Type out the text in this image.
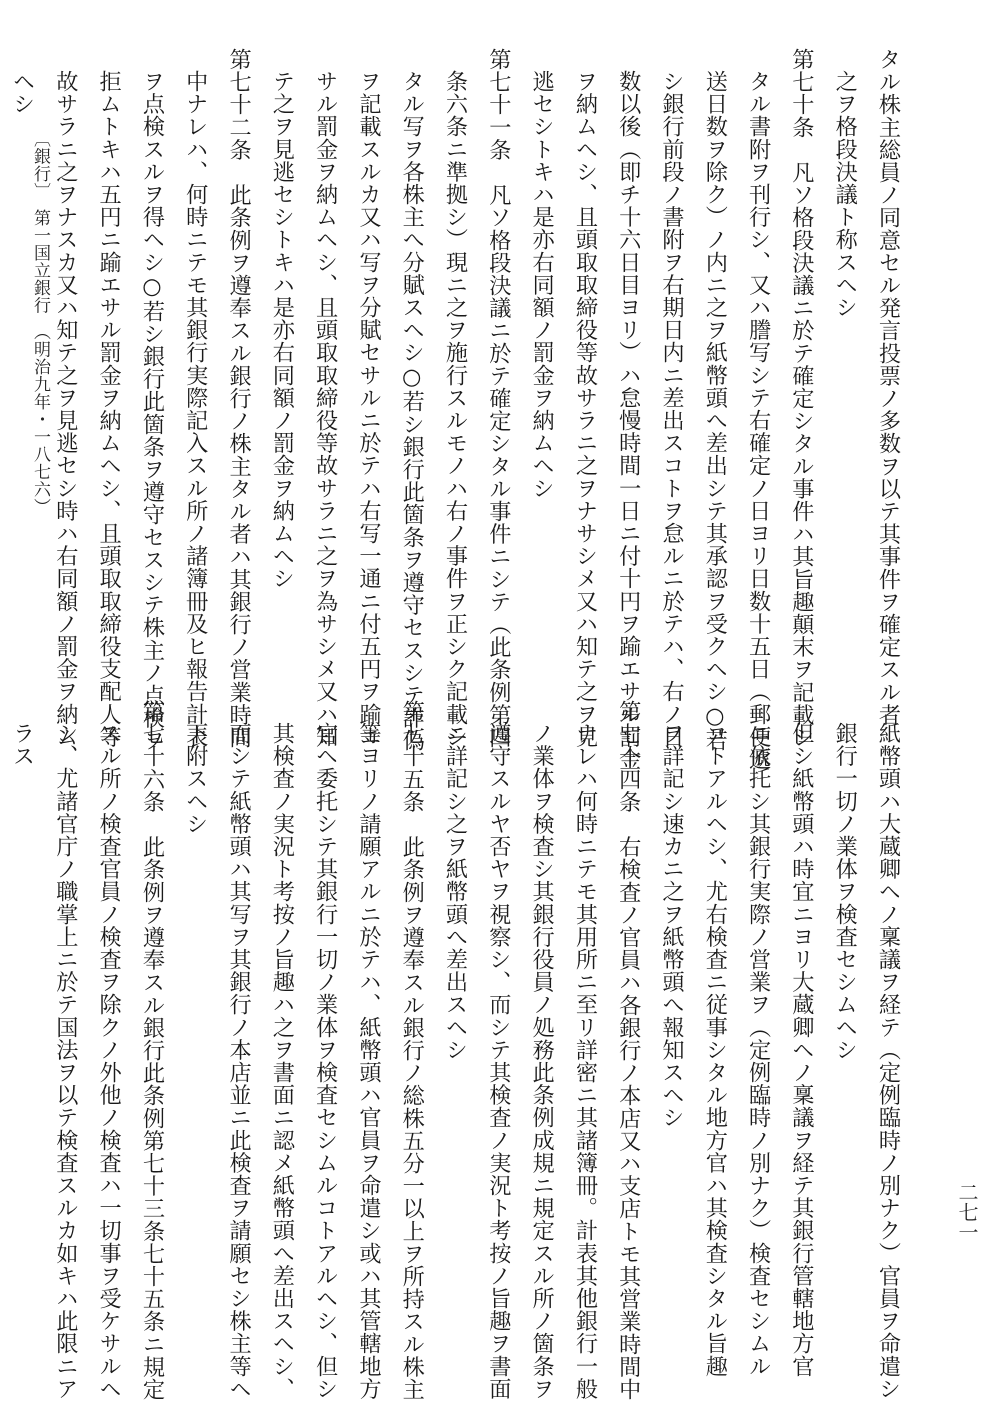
タル株主総員ノ同意セル発言投票ノ多数ヲ以テ其事件ヲ確定スル者
之ヲ格段決議ト称スヘシ
第七十条　凡ソ格段決議ニ於テ確定シタル事件ハ其旨趣顛末ヲ記載シ
タル書附ヲ刊行シ、又ハ謄写シテ右確定ノ日ヨリ日数十五日（郵便遞
送日数ヲ除ク）ノ内ニ之ヲ紙幣頭へ差出シテ其承認ヲ受クヘシ○若
シ銀行前段ノ書附ヲ右期日内ニ差出スコトヲ怠ルニ於テハ、右ノ日
数以後（即チ十六日目ヨリ）ハ怠慢時間一日ニ付十円ヲ踰エサル罰金
ヲ納ムヘシ、且頭取取締役等故サラニ之ヲナサシメ又ハ知テ之ヲ見
逃セシトキハ是亦右同額ノ罰金ヲ納ムヘシ
第七十一条　凡ソ格段決議ニ於テ確定シタル事件ニシテ（此条例第四
条六条ニ準拠シ）現ニ之ヲ施行スルモノハ右ノ事件ヲ正シク記載シ
タル写ヲ各株主へ分賦スヘシ○若シ銀行此箇条ヲ遵守セスシテ詐偽
ヲ記載スルカ又ハ写ヲ分賦セサルニ於テハ右写一通ニ付五円ヲ踰エ
サル罰金ヲ納ムヘシ、且頭取取締役等故サラニ之ヲ為サシメ又ハ知
テ之ヲ見逃セシトキハ是亦右同額ノ罰金ヲ納ムヘシ
第七十二条　此条例ヲ遵奉スル銀行ノ株主タル者ハ其銀行ノ営業時間
中ナレハ、何時ニテモ其銀行実際記入スル所ノ諸簿冊及ヒ報告計表
ヲ点検スルヲ得ヘシ○若シ銀行此箇条ヲ遵守セスシテ株主ノ点検ヲ
拒ムトキハ五円ニ踰エサル罰金ヲ納ムヘシ、且頭取取締役支配人等
故サラニ之ヲナスカ又ハ知テ之ヲ見逃セシ時ハ右同額ノ罰金ヲ納ム
ヘシ
紙幣頭ハ大蔵卿ヘノ稟議ヲ経テ（定例臨時ノ別ナク）官員ヲ命遣シ
銀行一切ノ業体ヲ検査セシムヘシ
但シ紙幣頭ハ時宜ニヨリ大蔵卿ヘノ稟議ヲ経テ其銀行管轄地方官
ニ依托シ其銀行実際ノ営業ヲ（定例臨時ノ別ナク）検査セシムル
コトアルヘシ、尤右検査ニ従事シタル地方官ハ其検査シタル旨趣
ヲ詳記シ速カニ之ヲ紙幣頭へ報知スヘシ
第七十四条　右検査ノ官員ハ各銀行ノ本店又ハ支店トモ其営業時間中
ナレハ何時ニテモ其用所ニ至リ詳密ニ其諸簿冊。計表其他銀行一般
ノ業体ヲ検査シ其銀行役員ノ処務此条例成規ニ規定スル所ノ箇条ヲ
遵守スルヤ否ヤヲ視察シ、而シテ其検査ノ実況ト考按ノ旨趣ヲ書面
ニ詳記シ之ヲ紙幣頭へ差出スヘシ
第七十五条　此条例ヲ遵奉スル銀行ノ総株五分一以上ヲ所持スル株主
等ヨリノ請願アルニ於テハ、紙幣頭ハ官員ヲ命遣シ或ハ其管轄地方
官ヘ委托シテ其銀行一切ノ業体ヲ検査セシムルコトアルヘシ、但シ
其検査ノ実況ト考按ノ旨趣ハ之ヲ書面ニ認メ紙幣頭へ差出スヘシ、
而シテ紙幣頭ハ其写ヲ其銀行ノ本店並ニ此検査ヲ請願セシ株主等ヘ
下附スヘシ
第七十六条　此条例ヲ遵奉スル銀行此条例第七十三条七十五条ニ規定
スル所ノ検査官員ノ検査ヲ除クノ外他ノ検査ハ一切事ヲ受ケサルヘ
シ、尤諸官庁ノ職掌上ニ於テ国法ヲ以テ検査スルカ如キハ此限ニア
ラス
〔銀行〕　第一国立銀行　（明治九年・一八七六）
二七一
